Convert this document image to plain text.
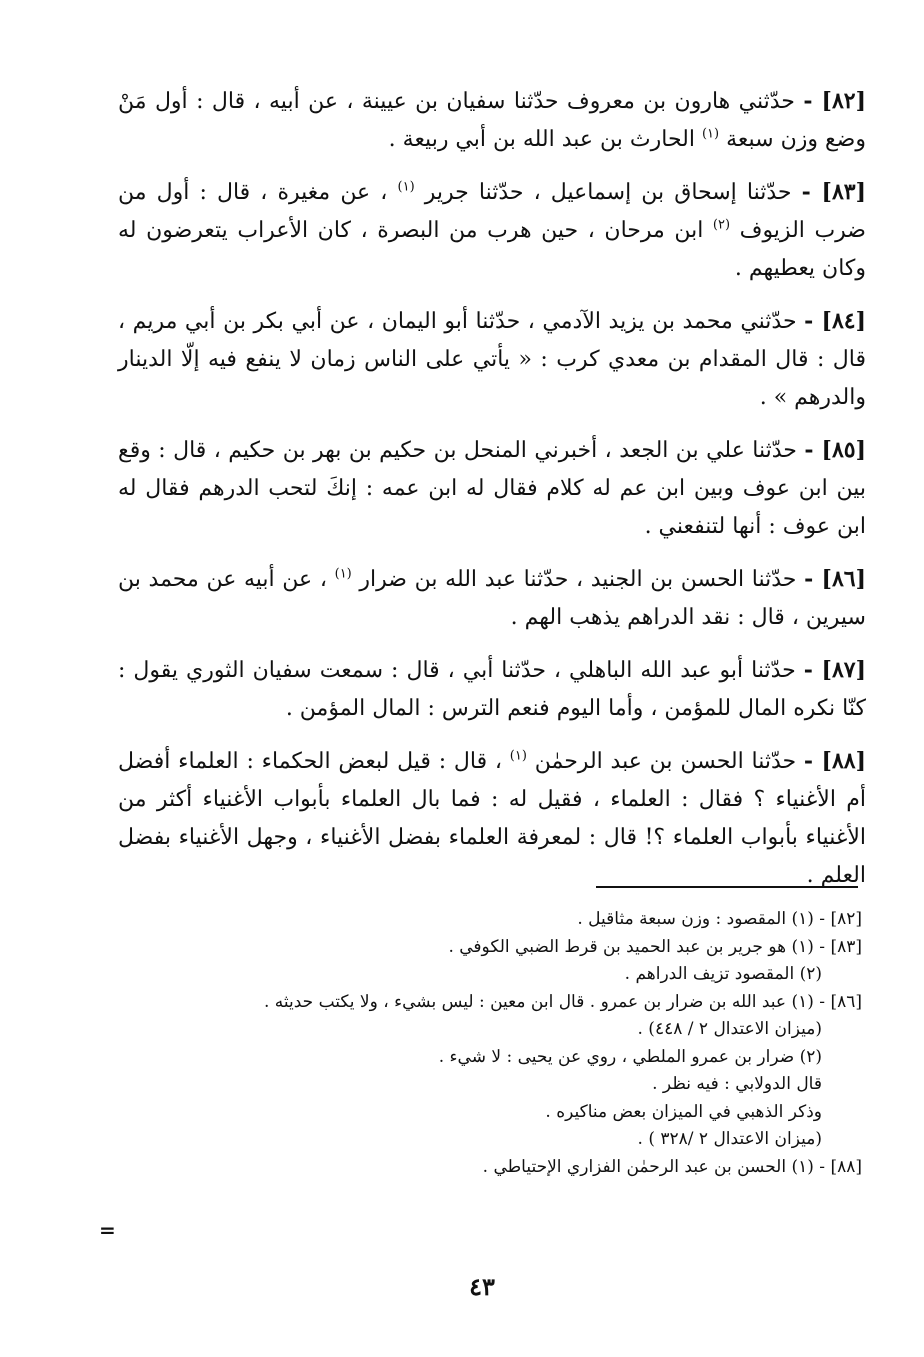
[٨٢] - حدّثني هارون بن معروف حدّثنا سفيان بن عيينة ، عن أبيه ، قال : أول مَنْ وضع وزن سبعة $^{(١)}$ الحارث بن عبد الله بن أبي ربيعة .

[٨٣] - حدّثنا إسحاق بن إسماعيل ، حدّثنا جرير $^{(١)}$ ، عن مغيرة ، قال : أول من ضرب الزيوف $^{(٢)}$ ابن مرحان ، حين هرب من البصرة ، كان الأعراب يتعرضون له وكان يعطيهم .

[٨٤] - حدّثني محمد بن يزيد الآدمي ، حدّثنا أبو اليمان ، عن أبي بكر بن أبي مريم ، قال : قال المقدام بن معدي كرب : « يأتي على الناس زمان لا ينفع فيه إلّا الدينار والدرهم » .

[٨٥] - حدّثنا علي بن الجعد ، أخبرني المنحل بن حكيم بن بهر بن حكيم ، قال : وقع بين ابن عوف وبين ابن عم له كلام فقال له ابن عمه : إنكَ لتحب الدرهم فقال له ابن عوف : أنها لتنفعني .

[٨٦] - حدّثنا الحسن بن الجنيد ، حدّثنا عبد الله بن ضرار $^{(١)}$ ، عن أبيه عن محمد بن سيرين ، قال : نقد الدراهم يذهب الهم .

[٨٧] - حدّثنا أبو عبد الله الباهلي ، حدّثنا أبي ، قال : سمعت سفيان الثوري يقول : كنّا نكره المال للمؤمن ، وأما اليوم فنعم الترس : المال المؤمن .

[٨٨] - حدّثنا الحسن بن عبد الرحمٰن $^{(١)}$ ، قال : قيل لبعض الحكماء : العلماء أفضل أم الأغنياء ؟ فقال : العلماء ، فقيل له : فما بال العلماء بأبواب الأغنياء أكثر من الأغنياء بأبواب العلماء ؟! قال : لمعرفة العلماء بفضل الأغنياء ، وجهل الأغنياء بفضل العلم .

[٨٢] - (١) المقصود : وزن سبعة مثاقيل .
[٨٣] - (١) هو جرير بن عبد الحميد بن قرط الضبي الكوفي .
(٢) المقصود تزيف الدراهم .
[٨٦] - (١) عبد الله بن ضرار بن عمرو . قال ابن معين : ليس بشيء ، ولا يكتب حديثه .
(ميزان الاعتدال ٢ / ٤٤٨) .
(٢) ضرار بن عمرو الملطي ، روي عن يحيى : لا شيء .
قال الدولابي : فيه نظر .
وذكر الذهبي في الميزان بعض مناكيره .
(ميزان الاعتدال ٢ /٣٢٨ ) .
[٨٨] - (١) الحسن بن عبد الرحمٰن الفزاري الإحتياطي .
=
٤٣
